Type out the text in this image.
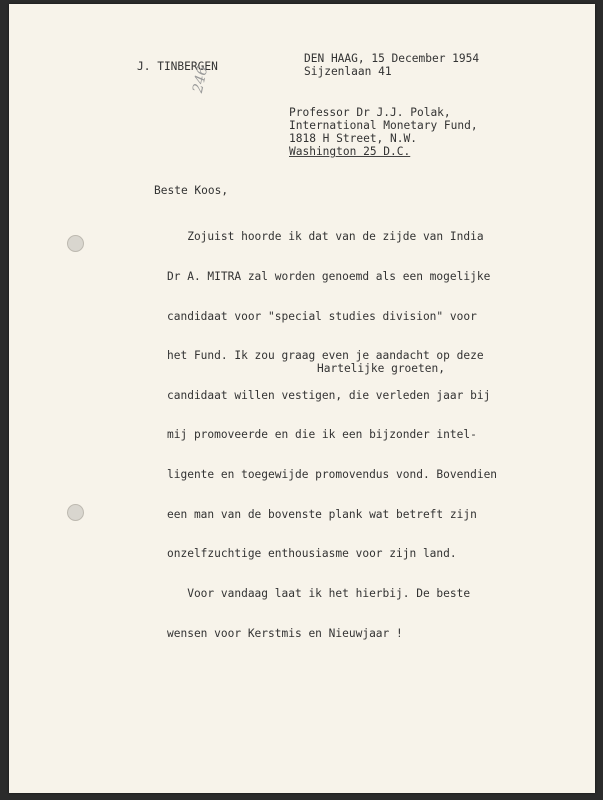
J. TINBERGEN
DEN HAAG, 15 December 1954
Sijzenlaan 41
246
Professor Dr J.J. Polak,
International Monetary Fund,
1818 H Street, N.W.
Washington 25 D.C.
Beste Koos,

Zojuist hoorde ik dat van de zijde van India

Dr A. MITRA zal worden genoemd als een mogelijke

candidaat voor "special studies division" voor

het Fund. Ik zou graag even je aandacht op deze

candidaat willen vestigen, die verleden jaar bij

mij promoveerde en die ik een bijzonder intel-

ligente en toegewijde promovendus vond. Bovendien

een man van de bovenste plank wat betreft zijn

onzelfzuchtige enthousiasme voor zijn land.

Voor vandaag laat ik het hierbij. De beste

wensen voor Kerstmis en Nieuwjaar !

Hartelijke groeten,
